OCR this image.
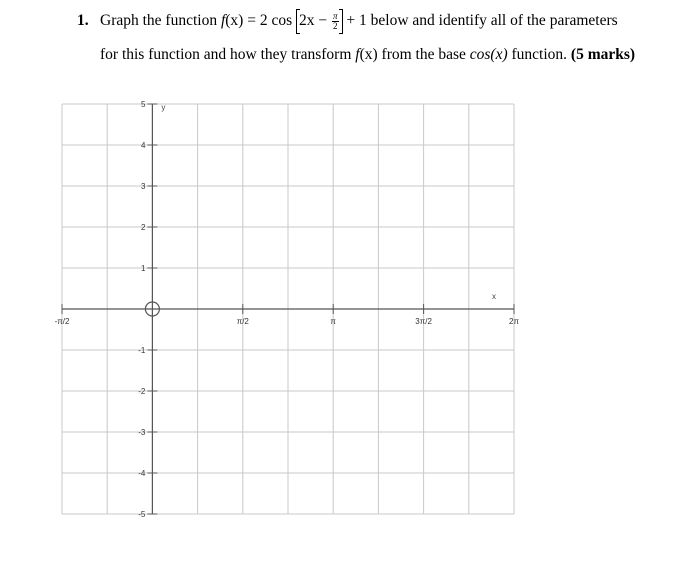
1. Graph the function f(x) = 2 cos
$2x - \frac{\pi}{2} + 1$ below and identify all of the parameters
for this function and how they transform f(x) from the base cos(x) function. (5 marks)
-π/2	π/2	π	3π/2	2π
5
4
3
2
1
-1
-2
-3
-4
-5
x
y
